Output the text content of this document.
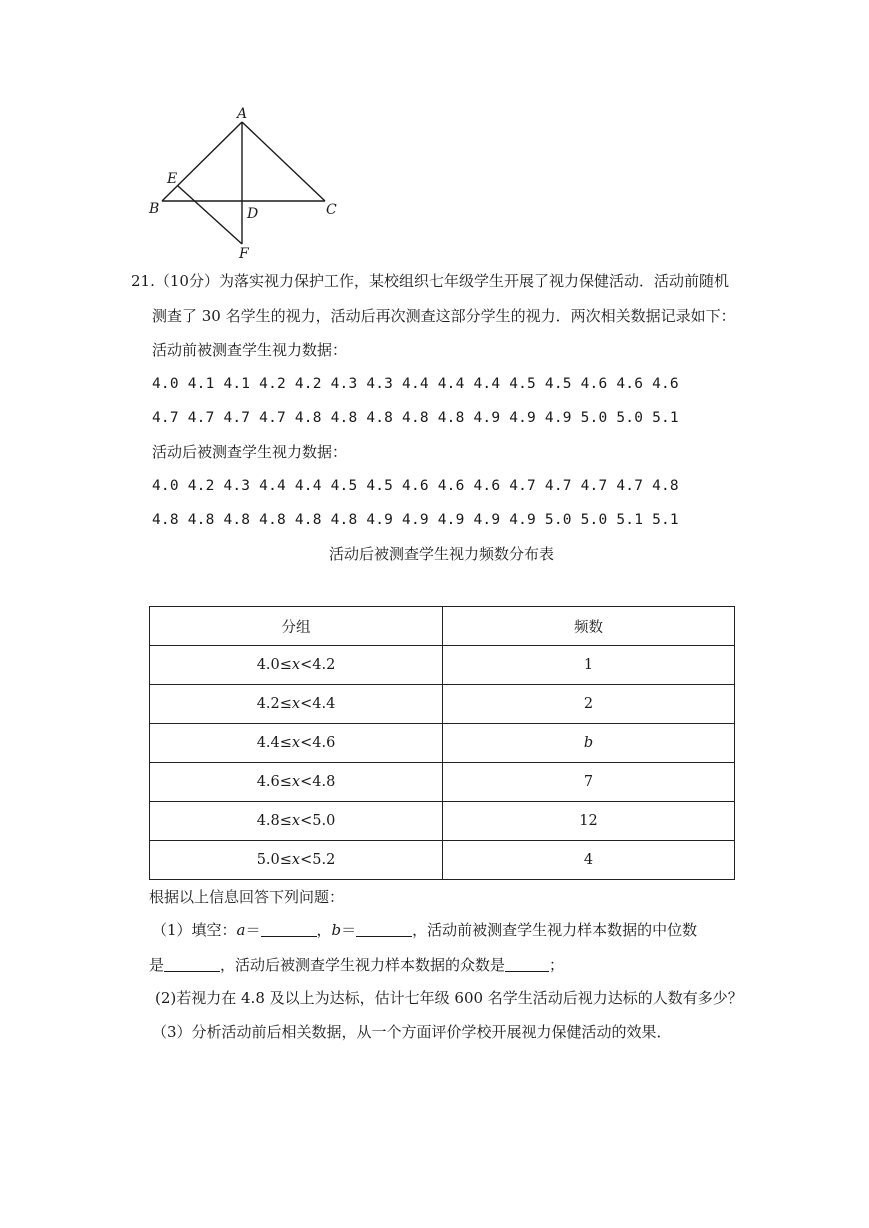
A
B	C
D
E
F
21.（10分）为落实视力保护工作，某校组织七年级学生开展了视力保健活动．活动前随机
测查了 30 名学生的视力，活动后再次测查这部分学生的视力．两次相关数据记录如下：
活动前被测查学生视力数据：
4.0 4.1 4.1 4.2 4.2 4.3 4.3 4.4 4.4 4.4 4.5 4.5 4.6 4.6 4.6
4.7 4.7 4.7 4.7 4.8 4.8 4.8 4.8 4.8 4.9 4.9 4.9 5.0 5.0 5.1
活动后被测查学生视力数据：
4.0 4.2 4.3 4.4 4.4 4.5 4.5 4.6 4.6 4.6 4.7 4.7 4.7 4.7 4.8
4.8 4.8 4.8 4.8 4.8 4.8 4.9 4.9 4.9 4.9 4.9 5.0 5.0 5.1 5.1
活动后被测查学生视力频数分布表
分组	频数
4.0≤x<4.2	1
4.2≤x<4.4	2
4.4≤x<4.6	b
4.6≤x<4.8	7
4.8≤x<5.0	12
5.0≤x<5.2	4
根据以上信息回答下列问题：
（1）填空：a＝	，b＝	，活动前被测查学生视力样本数据的中位数
是	，活动后被测查学生视力样本数据的众数是	；
(2)若视力在 4.8 及以上为达标，估计七年级 600 名学生活动后视力达标的人数有多少？
（3）分析活动前后相关数据，从一个方面评价学校开展视力保健活动的效果．
